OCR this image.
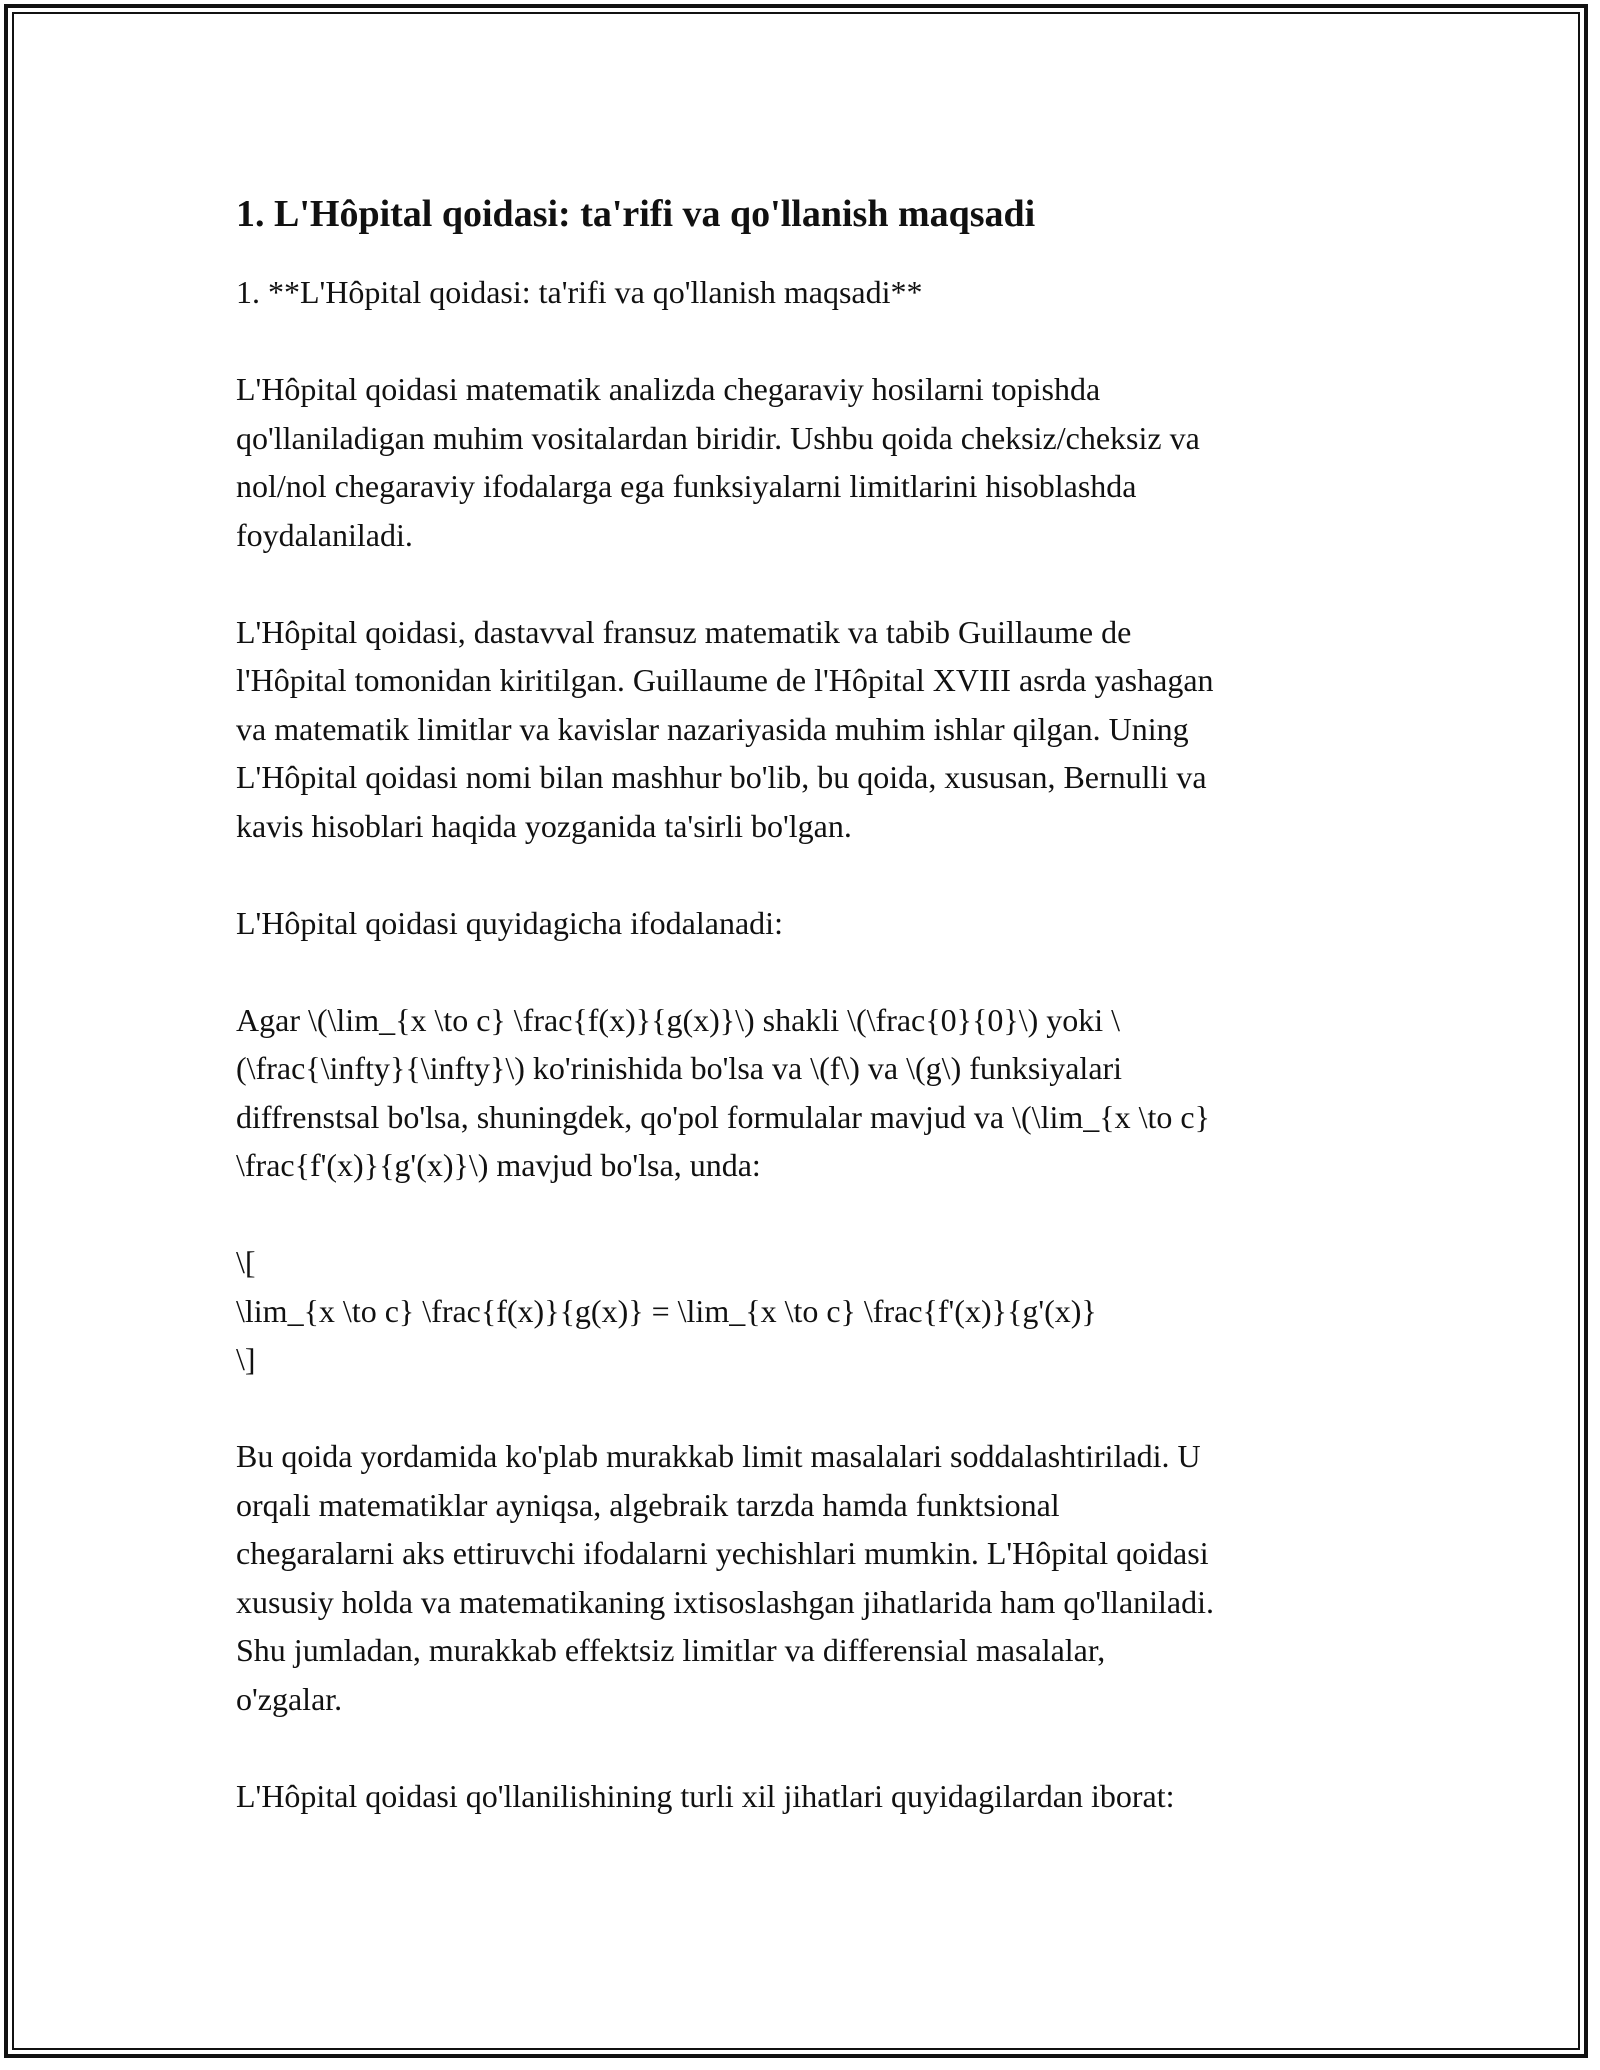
1. L'Hôpital qoidasi: ta'rifi va qo'llanish maqsadi

1. **L'Hôpital qoidasi: ta'rifi va qo'llanish maqsadi**

L'Hôpital qoidasi matematik analizda chegaraviy hosilarni topishda
qo'llaniladigan muhim vositalardan biridir. Ushbu qoida cheksiz/cheksiz va
nol/nol chegaraviy ifodalarga ega funksiyalarni limitlarini hisoblashda
foydalaniladi.

L'Hôpital qoidasi, dastavval fransuz matematik va tabib Guillaume de
l'Hôpital tomonidan kiritilgan. Guillaume de l'Hôpital XVIII asrda yashagan
va matematik limitlar va kavislar nazariyasida muhim ishlar qilgan. Uning
L'Hôpital qoidasi nomi bilan mashhur bo'lib, bu qoida, xususan, Bernulli va
kavis hisoblari haqida yozganida ta'sirli bo'lgan.

L'Hôpital qoidasi quyidagicha ifodalanadi:

Agar \(\lim_{x \to c} \frac{f(x)}{g(x)}\) shakli \(\frac{0}{0}\) yoki \
(\frac{\infty}{\infty}\) ko'rinishida bo'lsa va \(f\) va \(g\) funksiyalari
diffrenstsal bo'lsa, shuningdek, qo'pol formulalar mavjud va \(\lim_{x \to c}
\frac{f'(x)}{g'(x)}\) mavjud bo'lsa, unda:

\[
\lim_{x \to c} \frac{f(x)}{g(x)} = \lim_{x \to c} \frac{f'(x)}{g'(x)}
\]

Bu qoida yordamida ko'plab murakkab limit masalalari soddalashtiriladi. U
orqali matematiklar ayniqsa, algebraik tarzda hamda funktsional
chegaralarni aks ettiruvchi ifodalarni yechishlari mumkin. L'Hôpital qoidasi
xususiy holda va matematikaning ixtisoslashgan jihatlarida ham qo'llaniladi.
Shu jumladan, murakkab effektsiz limitlar va differensial masalalar,
o'zgalar.

L'Hôpital qoidasi qo'llanilishining turli xil jihatlari quyidagilardan iborat:
